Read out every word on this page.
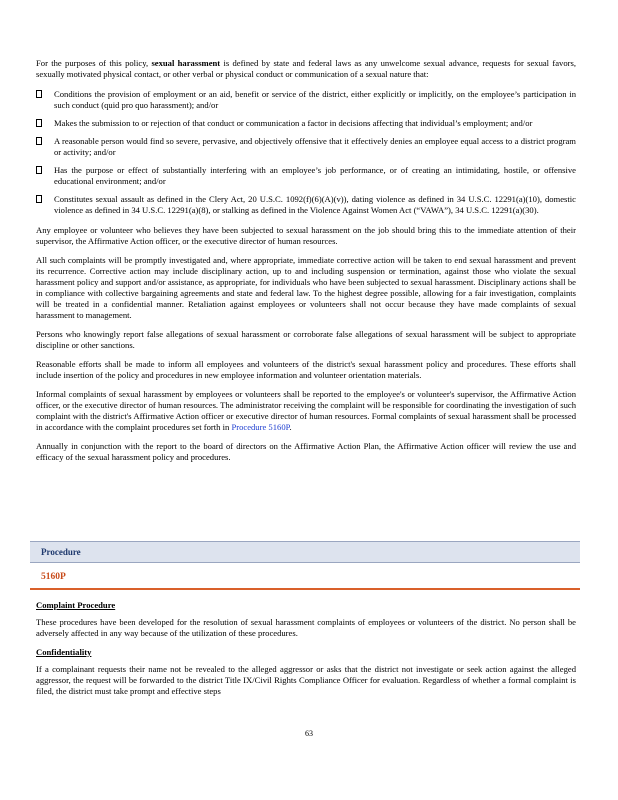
For the purposes of this policy, sexual harassment is defined by state and federal laws as any unwelcome sexual advance, requests for sexual favors, sexually motivated physical contact, or other verbal or physical conduct or communication of a sexual nature that:

Conditions the provision of employment or an aid, benefit or service of the district, either explicitly or implicitly, on the employee’s participation in such conduct (quid pro quo harassment); and/or
Makes the submission to or rejection of that conduct or communication a factor in decisions affecting that individual’s employment; and/or
A reasonable person would find so severe, pervasive, and objectively offensive that it effectively denies an employee equal access to a district program or activity; and/or
Has the purpose or effect of substantially interfering with an employee’s job performance, or of creating an intimidating, hostile, or offensive educational environment; and/or
Constitutes sexual assault as defined in the Clery Act, 20 U.S.C. 1092(f)(6)(A)(v)), dating violence as defined in 34 U.S.C. 12291(a)(10), domestic violence as defined in 34 U.S.C. 12291(a)(8), or stalking as defined in the Violence Against Women Act (“VAWA”), 34 U.S.C. 12291(a)(30).

Any employee or volunteer who believes they have been subjected to sexual harassment on the job should bring this to the immediate attention of their supervisor, the Affirmative Action officer, or the executive director of human resources.

All such complaints will be promptly investigated and, where appropriate, immediate corrective action will be taken to end sexual harassment and prevent its recurrence. Corrective action may include disciplinary action, up to and including suspension or termination, against those who violate the sexual harassment policy and support and/or assistance, as appropriate, for individuals who have been subjected to sexual harassment. Disciplinary actions shall be in compliance with collective bargaining agreements and state and federal law. To the highest degree possible, allowing for a fair investigation, complaints will be treated in a confidential manner. Retaliation against employees or volunteers shall not occur because they have made complaints of sexual harassment to management.

Persons who knowingly report false allegations of sexual harassment or corroborate false allegations of sexual harassment will be subject to appropriate discipline or other sanctions.

Reasonable efforts shall be made to inform all employees and volunteers of the district's sexual harassment policy and procedures. These efforts shall include insertion of the policy and procedures in new employee information and volunteer orientation materials.

Informal complaints of sexual harassment by employees or volunteers shall be reported to the employee's or volunteer's supervisor, the Affirmative Action officer, or the executive director of human resources. The administrator receiving the complaint will be responsible for coordinating the investigation of such complaint with the district's Affirmative Action officer or executive director of human resources. Formal complaints of sexual harassment shall be processed in accordance with the complaint procedures set forth in Procedure 5160P.

Annually in conjunction with the report to the board of directors on the Affirmative Action Plan, the Affirmative Action officer will review the use and efficacy of the sexual harassment policy and procedures.

Procedure
5160P
Complaint Procedure

These procedures have been developed for the resolution of sexual harassment complaints of employees or volunteers of the district. No person shall be adversely affected in any way because of the utilization of these procedures.

Confidentiality

If a complainant requests their name not be revealed to the alleged aggressor or asks that the district not investigate or seek action against the alleged aggressor, the request will be forwarded to the district Title IX/Civil Rights Compliance Officer for evaluation. Regardless of whether a formal complaint is filed, the district must take prompt and effective steps

63
